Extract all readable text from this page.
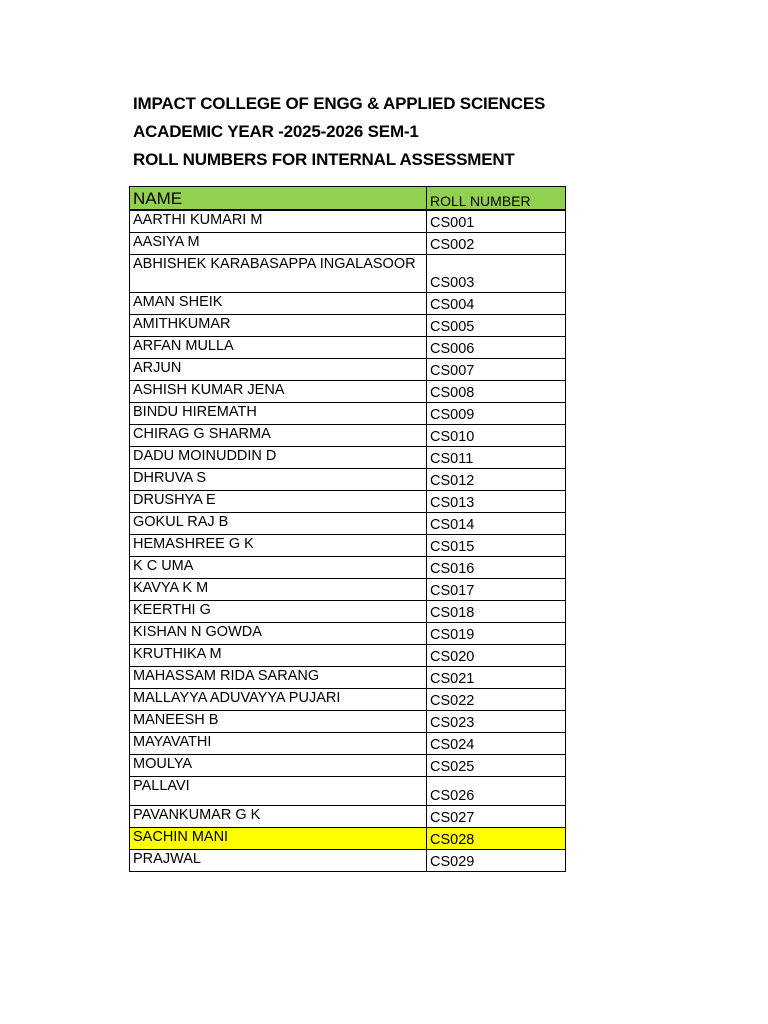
IMPACT COLLEGE OF ENGG & APPLIED SCIENCES
ACADEMIC YEAR -2025-2026 SEM-1
ROLL NUMBERS FOR INTERNAL ASSESSMENT
NAME	ROLL NUMBER
AARTHI KUMARI M	CS001
AASIYA M	CS002
ABHISHEK KARABASAPPA INGALASOOR	CS003
AMAN SHEIK	CS004
AMITHKUMAR	CS005
ARFAN MULLA	CS006
ARJUN	CS007
ASHISH KUMAR JENA	CS008
BINDU HIREMATH	CS009
CHIRAG G SHARMA	CS010
DADU MOINUDDIN D	CS011
DHRUVA S	CS012
DRUSHYA E	CS013
GOKUL RAJ B	CS014
HEMASHREE G K	CS015
K C UMA	CS016
KAVYA K M	CS017
KEERTHI G	CS018
KISHAN N GOWDA	CS019
KRUTHIKA M	CS020
MAHASSAM RIDA SARANG	CS021
MALLAYYA ADUVAYYA PUJARI	CS022
MANEESH B	CS023
MAYAVATHI	CS024
MOULYA	CS025
PALLAVI	CS026
PAVANKUMAR G K	CS027
SACHIN MANI	CS028
PRAJWAL	CS029
